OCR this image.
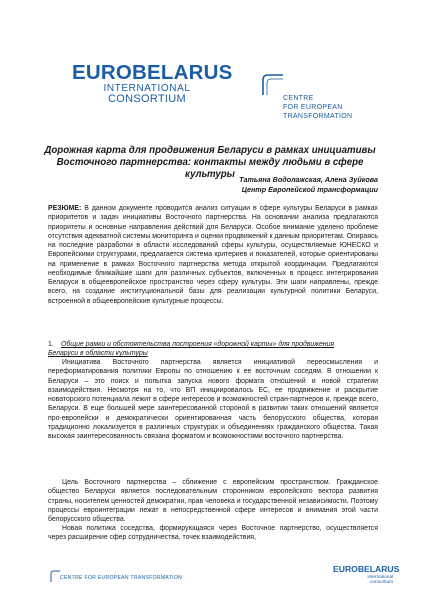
EUROBELARUS
INTERNATIONAL
CONSORTIUM	CENTRE
FOR EUROPEAN
TRANSFORMATION
Дорожная карта для продвижения Беларуси в рамках инициативы
Восточного партнерства: контакты между людьми в сфере культуры Татьяна Водолажская, Алена Зуйкова
Центр Европейской трансформации
РЕЗЮМЕ: В данном документе проводится анализ ситуации в сфере культуры Беларуси в рамках приоритетов и задач инициативы Восточного партнерства. На основании анализа предлагаются приоритеты и основные направления действий для Беларуси. Особое внимание уделено проблеме отсутствия адекватной системы мониторинга и оценки продвижений к данным приоритетам. Опираясь на последние разработки в области исследований сферы культуры, осуществляемые ЮНЕСКО и Европейскими структурами, предлагается система критериев и показателей, которые ориентированы на применение в рамках Восточного партнерства метода открытой координации. Предлагаются необходимые ближайшие шаги для различных субъектов, включенных в процесс интегрирования Беларуси в общеевропейское пространство через сферу культуры. Эти шаги направлены, прежде всего, на создание институциональной базы для реализации культурной политики Беларуси, встроенной в общеевропейские культурные процессы.
1. Общие рамки и обстоятельства построения «дорожной карты» для продвижения
Беларуси в области культуры
Инициатива Восточного партнерства является инициативой переосмысления и переформатирования политики Европы по отношению к ее восточным соседям. В отношении к Беларуси – это поиск и попытка запуска нового формата отношений и новой стратегии взаимодействия. Несмотря на то, что ВП инициировалось ЕС, ее продвижение и раскрытие новаторского потенциала лежит в сфере интересов и возможностей стран-партнеров и, прежде всего, Беларуси. В еще большей мере заинтересованной стороной в развитии таких отношений является про-европейски и демократически ориентированная часть белорусского общества, которая традиционно локализуется в различных структурах и объединениях гражданского общества. Такая высокая заинтересованность связана форматом и возможностями восточного партнерства.
Цель Восточного партнерства – сближение с европейским пространством. Гражданское общество Беларуси является последовательным сторонником европейского вектора развития страны, носителем ценностей демократии, прав человека и государственной независимости. Поэтому процессы евроинтеграции лежат в непосредственной сфере интересов и внимания этой части белорусского общества.
Новая политика соседства, формирующаяся через Восточное партнерство, осуществляется через расширение сфер сотрудничества, точек взаимодействия,
CENTRE FOR EUROPEAN TRANSFORMATION
EUROBELARUS
international
consortium
